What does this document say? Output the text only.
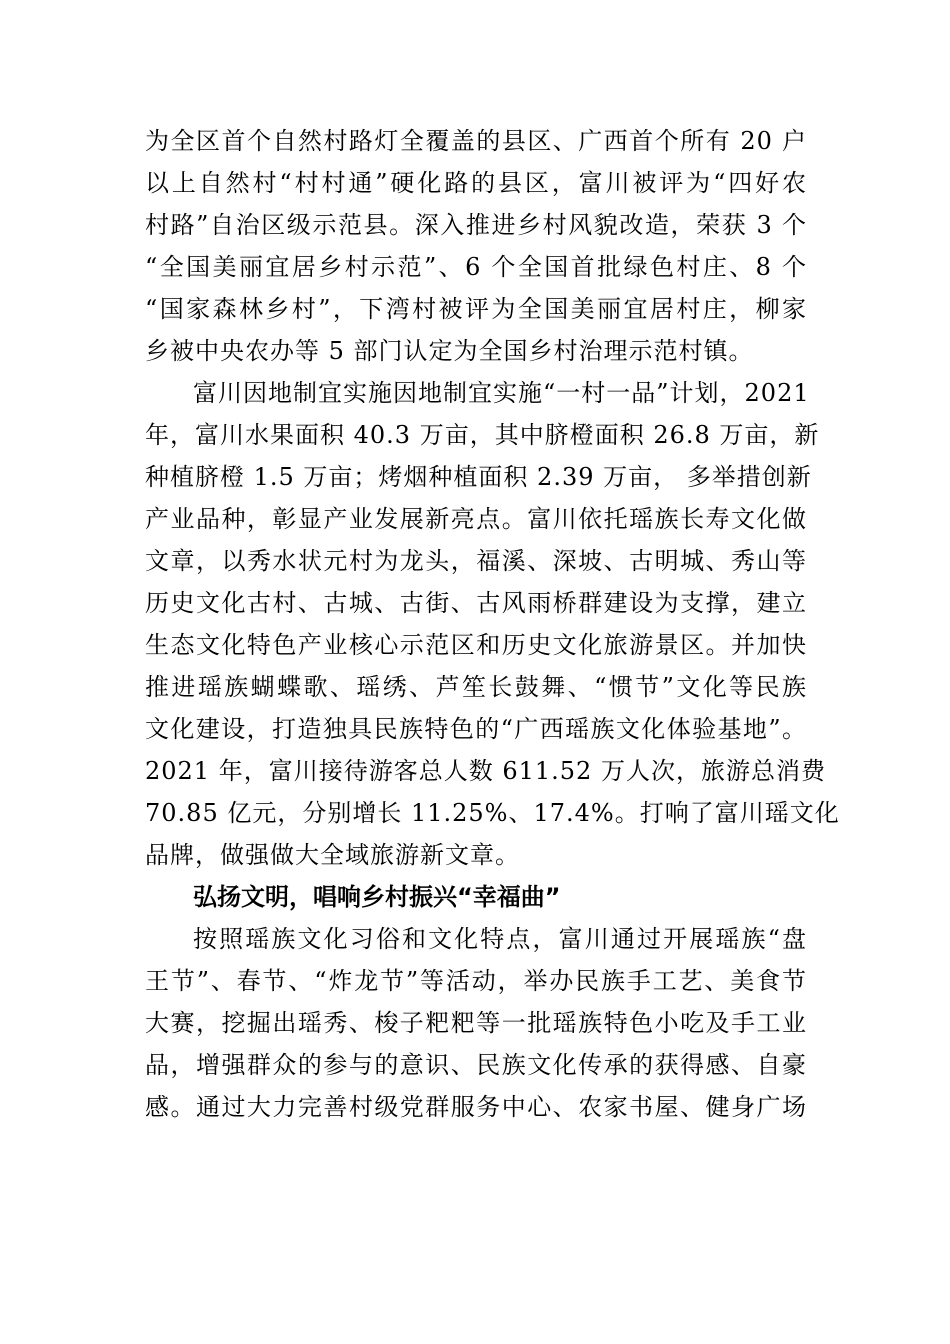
为全区首个自然村路灯全覆盖的县区、广西首个所有 20 户
以上自然村“村村通”硬化路的县区，富川被评为“四好农
村路”自治区级示范县。深入推进乡村风貌改造，荣获 3 个
“全国美丽宜居乡村示范”、6 个全国首批绿色村庄、8 个
“国家森林乡村”，下湾村被评为全国美丽宜居村庄，柳家
乡被中央农办等 5 部门认定为全国乡村治理示范村镇。
富川因地制宜实施因地制宜实施“一村一品”计划，2021
年，富川水果面积 40.3 万亩，其中脐橙面积 26.8 万亩，新
种植脐橙 1.5 万亩；烤烟种植面积 2.39 万亩， 多举措创新
产业品种，彰显产业发展新亮点。富川依托瑶族长寿文化做
文章，以秀水状元村为龙头，福溪、深坡、古明城、秀山等
历史文化古村、古城、古街、古风雨桥群建设为支撑，建立
生态文化特色产业核心示范区和历史文化旅游景区。并加快
推进瑶族蝴蝶歌、瑶绣、芦笙长鼓舞、“惯节”文化等民族
文化建设，打造独具民族特色的“广西瑶族文化体验基地”。
2021 年，富川接待游客总人数 611.52 万人次，旅游总消费
70.85 亿元，分别增长 11.25%、17.4%。打响了富川瑶文化
品牌，做强做大全域旅游新文章。
弘扬文明，唱响乡村振兴“幸福曲”
按照瑶族文化习俗和文化特点，富川通过开展瑶族“盘
王节”、春节、“炸龙节”等活动，举办民族手工艺、美食节
大赛，挖掘出瑶秀、梭子粑粑等一批瑶族特色小吃及手工业
品，增强群众的参与的意识、民族文化传承的获得感、自豪
感。通过大力完善村级党群服务中心、农家书屋、健身广场
